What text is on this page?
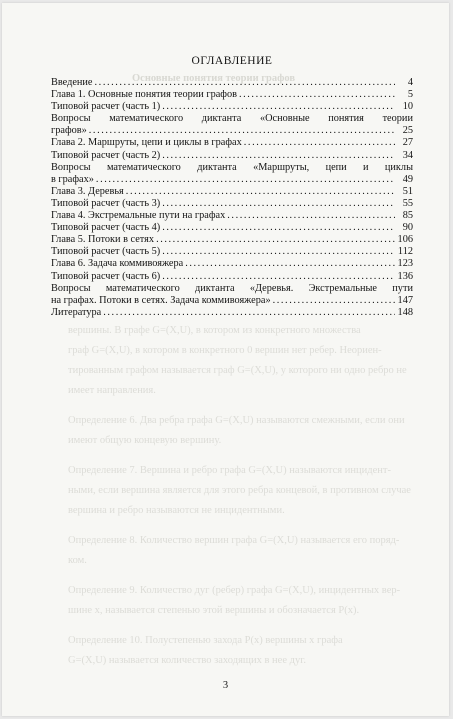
Основные понятия теории графов
вершины. В графе G=(X,U), в котором из конкретного множества
граф G=(X,U), в котором в конкретного 0 вершин нет ребер. Неориен-
тированным графом называется граф G=(X,U), у которого ни одно ребро не
имеет направления.
Определение 6. Два ребра графа G=(X,U) называются смежными, если они
имеют общую концевую вершину.
Определение 7. Вершина и ребро графа G=(X,U) называются инцидент-
ными, если вершина является для этого ребра концевой, в противном случае
вершина и ребро называются не инцидентными.
Определение 8. Количество вершин графа G=(X,U) называется его поряд-
ком.
Определение 9. Количество дуг (ребер) графа G=(X,U), инцидентных вер-
шине x, называется степенью этой вершины и обозначается P(x).
Определение 10. Полустепенью захода P(x) вершины x графа
G=(X,U) называется количество заходящих в нее дуг.
ОГЛАВЛЕНИЕ
Введение . . .	4
Глава 1. Основные понятия теории графов . . .	5
Типовой расчет (часть 1) . . .	10
Вопросы математического диктанта «Основные понятия теории
графов» . . .	25
Глава 2. Маршруты, цепи и циклы в графах . . .	27
Типовой расчет (часть 2) . . .	34
Вопросы математического диктанта «Маршруты, цепи и циклы
в графах» . . .	49
Глава 3. Деревья . . .	51
Типовой расчет (часть 3) . . .	55
Глава 4. Экстремальные пути на графах . . .	85
Типовой расчет (часть 4) . . .	90
Глава 5. Потоки в сетях . . .	106
Типовой расчет (часть 5) . . .	112
Глава 6. Задача коммивояжера . . .	123
Типовой расчет (часть 6) . . .	136
Вопросы математического диктанта «Деревья. Экстремальные пути
на графах. Потоки в сетях. Задача коммивояжера» . . .	147
Литература . . .	148
3
